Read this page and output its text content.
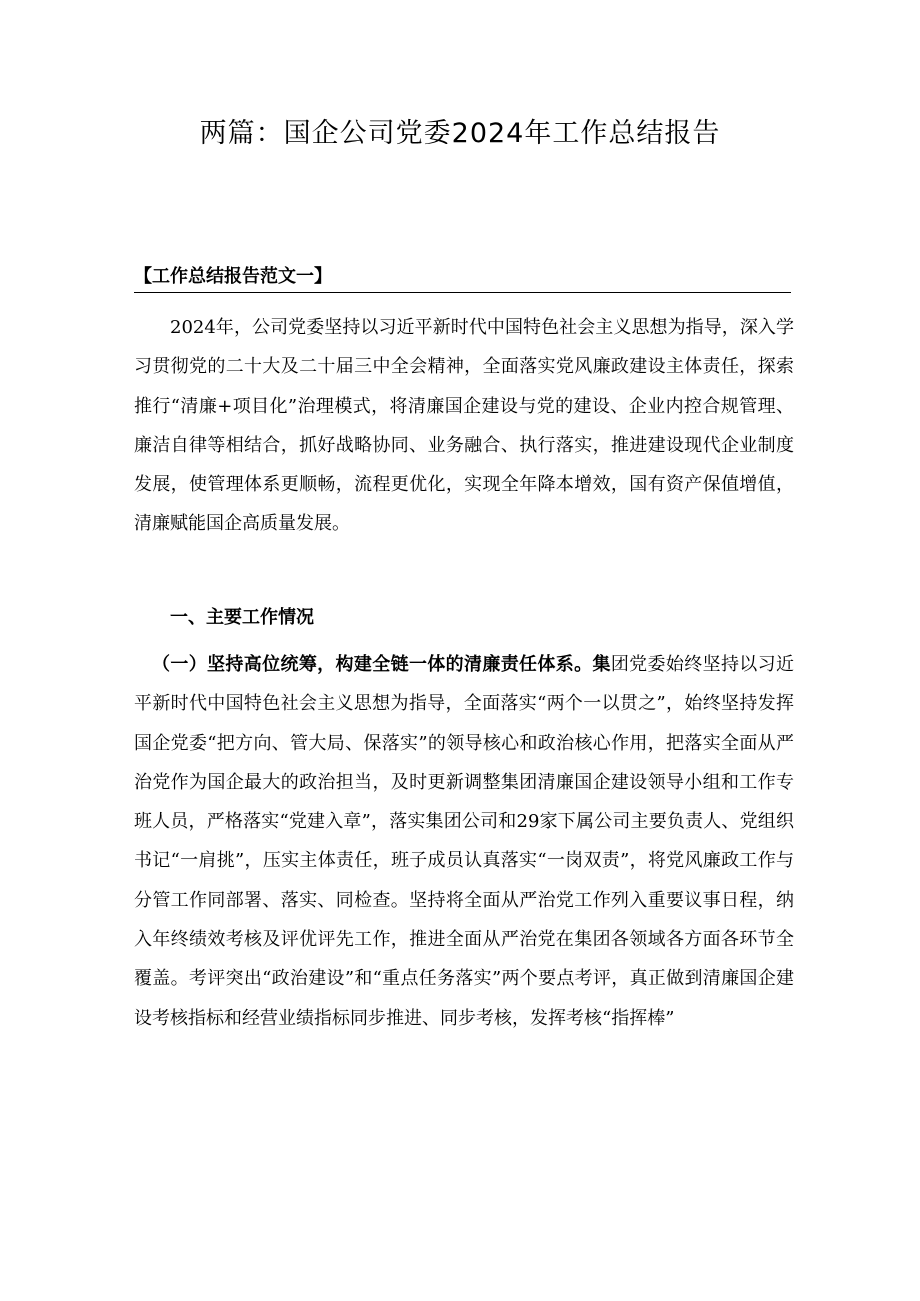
两篇：国企公司党委2024年工作总结报告
【工作总结报告范文一】

2024年，公司党委坚持以习近平新时代中国特色社会主义思想为指导，深入学习贯彻党的二十大及二十届三中全会精神，全面落实党风廉政建设主体责任，探索推行“清廉+项目化”治理模式，将清廉国企建设与党的建设、企业内控合规管理、廉洁自律等相结合，抓好战略协同、业务融合、执行落实，推进建设现代企业制度发展，使管理体系更顺畅，流程更优化，实现全年降本增效，国有资产保值增值，清廉赋能国企高质量发展。

一、主要工作情况

（一）坚持高位统筹，构建全链一体的清廉责任体系。集团党委始终坚持以习近平新时代中国特色社会主义思想为指导，全面落实“两个一以贯之”，始终坚持发挥国企党委“把方向、管大局、保落实”的领导核心和政治核心作用，把落实全面从严治党作为国企最大的政治担当，及时更新调整集团清廉国企建设领导小组和工作专班人员，严格落实“党建入章”，落实集团公司和29家下属公司主要负责人、党组织书记“一肩挑”，压实主体责任，班子成员认真落实“一岗双责”，将党风廉政工作与分管工作同部署、落实、同检查。坚持将全面从严治党工作列入重要议事日程，纳入年终绩效考核及评优评先工作，推进全面从严治党在集团各领域各方面各环节全覆盖。考评突出“政治建设”和“重点任务落实”两个要点考评，真正做到清廉国企建设考核指标和经营业绩指标同步推进、同步考核，发挥考核“指挥棒”
